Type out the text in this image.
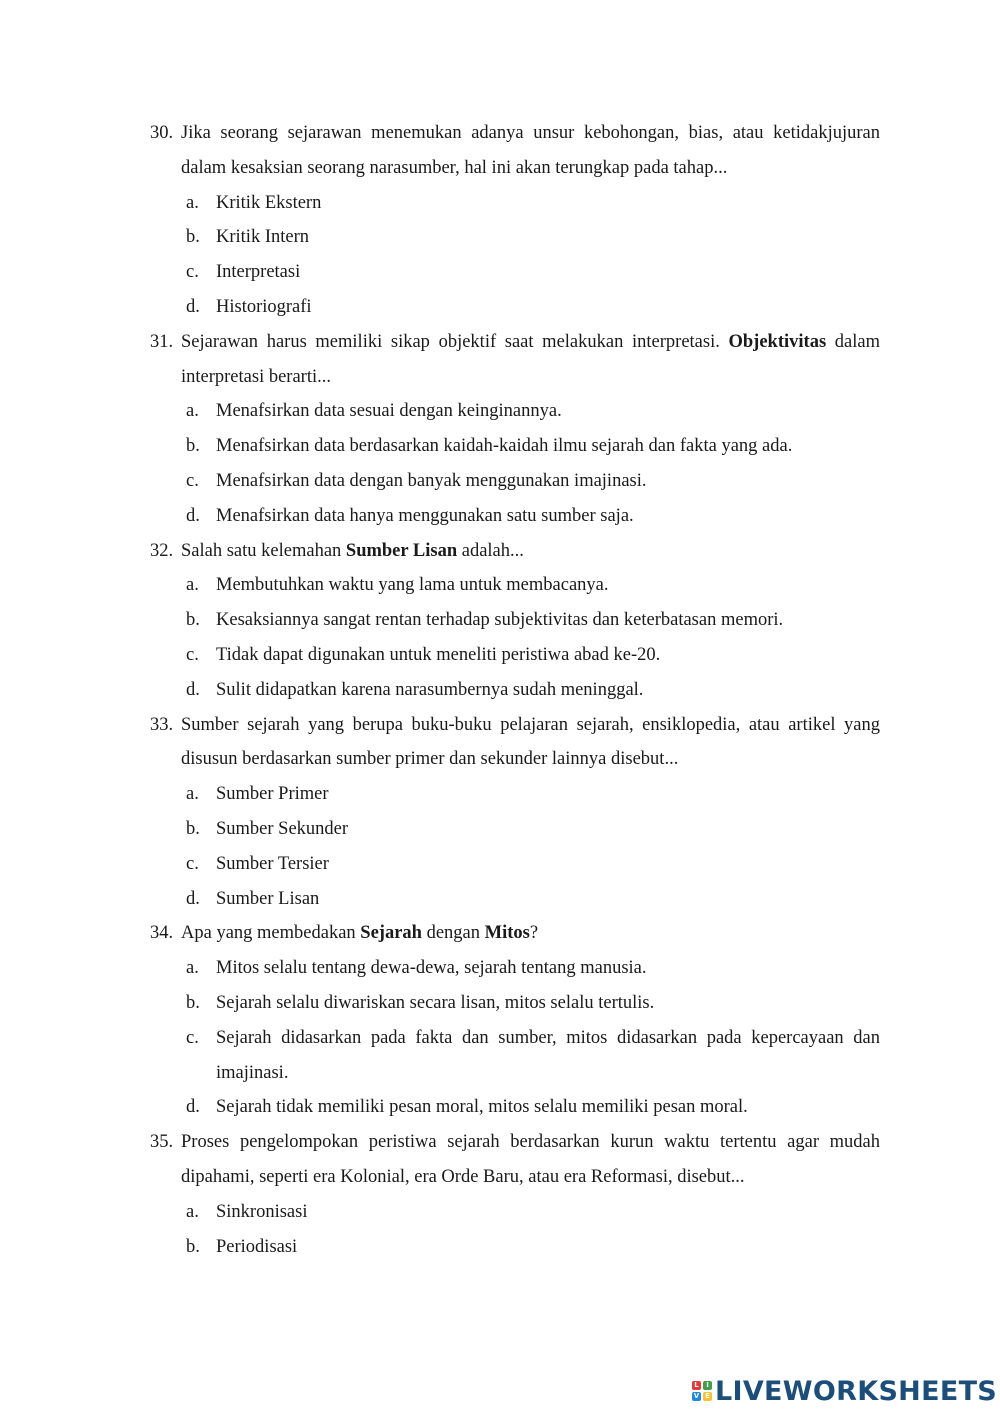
30. Jika seorang sejarawan menemukan adanya unsur kebohongan, bias, atau ketidakjujuran dalam kesaksian seorang narasumber, hal ini akan terungkap pada tahap...
a. Kritik Ekstern
b. Kritik Intern
c. Interpretasi
d. Historiografi
31. Sejarawan harus memiliki sikap objektif saat melakukan interpretasi. Objektivitas dalam interpretasi berarti...
a. Menafsirkan data sesuai dengan keinginannya.
b. Menafsirkan data berdasarkan kaidah-kaidah ilmu sejarah dan fakta yang ada.
c. Menafsirkan data dengan banyak menggunakan imajinasi.
d. Menafsirkan data hanya menggunakan satu sumber saja.
32. Salah satu kelemahan Sumber Lisan adalah...
a. Membutuhkan waktu yang lama untuk membacanya.
b. Kesaksiannya sangat rentan terhadap subjektivitas dan keterbatasan memori.
c. Tidak dapat digunakan untuk meneliti peristiwa abad ke-20.
d. Sulit didapatkan karena narasumbernya sudah meninggal.
33. Sumber sejarah yang berupa buku-buku pelajaran sejarah, ensiklopedia, atau artikel yang disusun berdasarkan sumber primer dan sekunder lainnya disebut...
a. Sumber Primer
b. Sumber Sekunder
c. Sumber Tersier
d. Sumber Lisan
34. Apa yang membedakan Sejarah dengan Mitos?
a. Mitos selalu tentang dewa-dewa, sejarah tentang manusia.
b. Sejarah selalu diwariskan secara lisan, mitos selalu tertulis.
c. Sejarah didasarkan pada fakta dan sumber, mitos didasarkan pada kepercayaan dan imajinasi.
d. Sejarah tidak memiliki pesan moral, mitos selalu memiliki pesan moral.
35. Proses pengelompokan peristiwa sejarah berdasarkan kurun waktu tertentu agar mudah dipahami, seperti era Kolonial, era Orde Baru, atau era Reformasi, disebut...
a. Sinkronisasi
b. Periodisasi
L	I
V E LIVEWORKSHEETS
